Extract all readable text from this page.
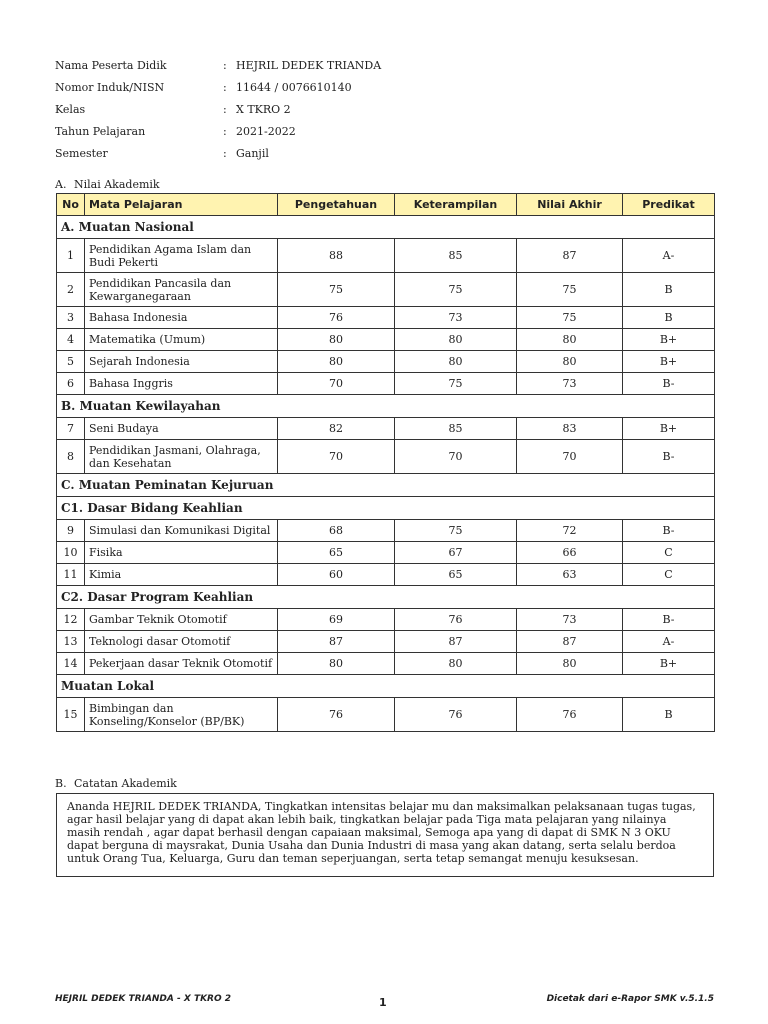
Nama Peserta Didik	: HEJRIL DEDEK TRIANDA
Nomor Induk/NISN	: 11644 / 0076610140
Kelas	: X TKRO 2
Tahun Pelajaran	: 2021-2022
Semester	: Ganjil
A. Nilai Akademik
No	Mata Pelajaran	Pengetahuan	Keterampilan	Nilai Akhir	Predikat
A. Muatan Nasional					
1	Pendidikan Agama Islam dan Budi Pekerti	88	85	87	A-
2	Pendidikan Pancasila dan Kewarganegaraan	75	75	75	B
3	Bahasa Indonesia	76	73	75	B
4	Matematika (Umum)	80	80	80	B+
5	Sejarah Indonesia	80	80	80	B+
6	Bahasa Inggris	70	75	73	B-
B. Muatan Kewilayahan					
7	Seni Budaya	82	85	83	B+
8	Pendidikan Jasmani, Olahraga, dan Kesehatan	70	70	70	B-
C. Muatan Peminatan Kejuruan					
C1. Dasar Bidang Keahlian					
9	Simulasi dan Komunikasi Digital	68	75	72	B-
10	Fisika	65	67	66	C
11	Kimia	60	65	63	C
C2. Dasar Program Keahlian					
12	Gambar Teknik Otomotif	69	76	73	B-
13	Teknologi dasar Otomotif	87	87	87	A-
14	Pekerjaan dasar Teknik Otomotif	80	80	80	B+
Muatan Lokal					
15	Bimbingan dan Konseling/Konselor (BP/BK)	76	76	76	B
B. Catatan Akademik
Ananda HEJRIL DEDEK TRIANDA, Tingkatkan intensitas belajar mu dan maksimalkan pelaksanaan tugas tugas, agar hasil belajar yang di dapat akan lebih baik, tingkatkan belajar pada Tiga mata pelajaran yang nilainya masih rendah , agar dapat berhasil dengan capaiaan maksimal, Semoga apa yang di dapat di SMK N 3 OKU dapat berguna di maysrakat, Dunia Usaha dan Dunia Industri di masa yang akan datang, serta selalu berdoa untuk Orang Tua, Keluarga, Guru dan teman seperjuangan, serta tetap semangat menuju kesuksesan.
HEJRIL DEDEK TRIANDA - X TKRO 2	1	Dicetak dari e-Rapor SMK v.5.1.5
